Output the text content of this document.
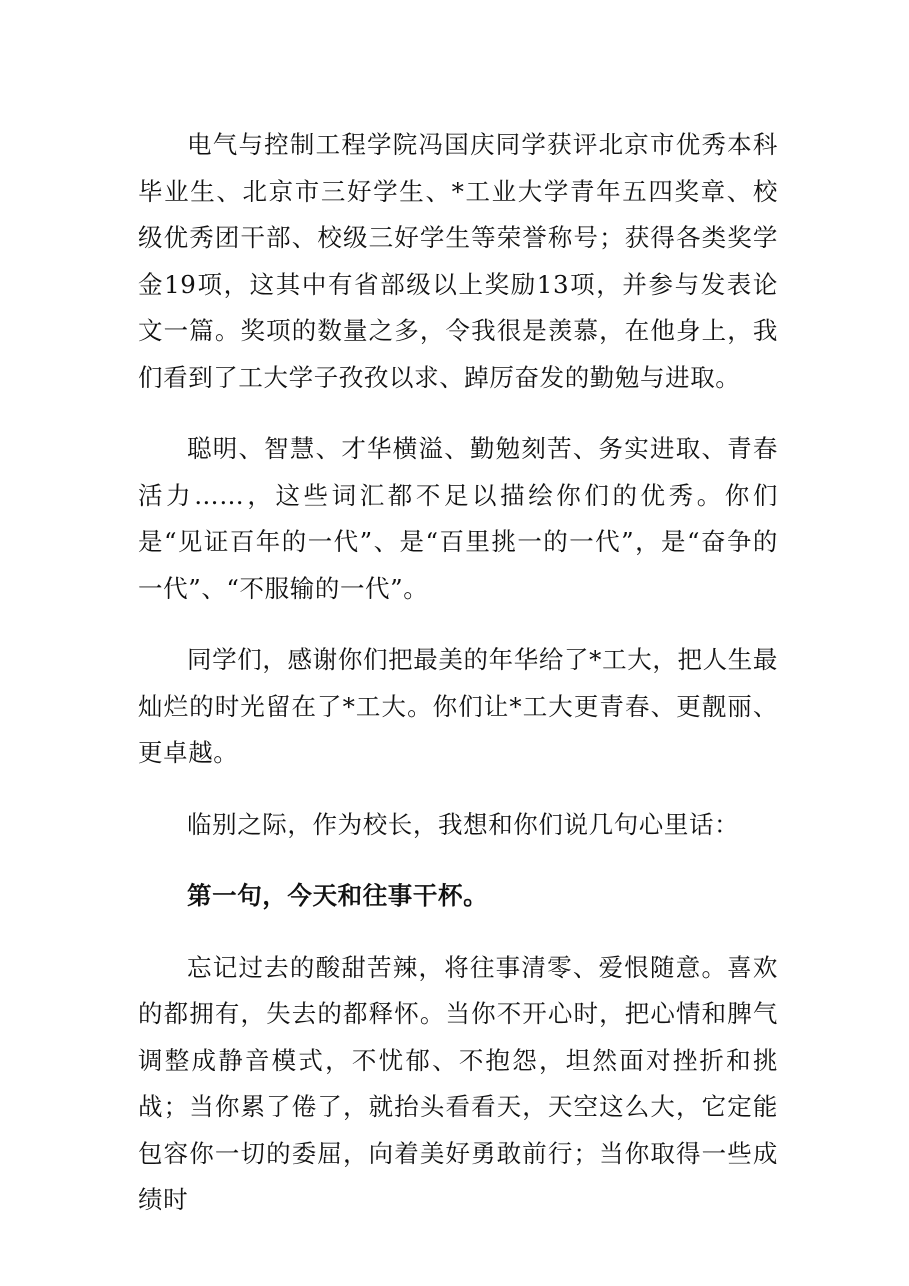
电气与控制工程学院冯国庆同学获评北京市优秀本科毕业生、北京市三好学生、*工业大学青年五四奖章、校级优秀团干部、校级三好学生等荣誉称号；获得各类奖学金19项，这其中有省部级以上奖励13项，并参与发表论文一篇。奖项的数量之多，令我很是羡慕，在他身上，我们看到了工大学子孜孜以求、踔厉奋发的勤勉与进取。

聪明、智慧、才华横溢、勤勉刻苦、务实进取、青春活力……，这些词汇都不足以描绘你们的优秀。你们是“见证百年的一代”、是“百里挑一的一代”，是“奋争的一代”、“不服输的一代”。

同学们，感谢你们把最美的年华给了*工大，把人生最灿烂的时光留在了*工大。你们让*工大更青春、更靓丽、更卓越。

临别之际，作为校长，我想和你们说几句心里话：

第一句，今天和往事干杯。

忘记过去的酸甜苦辣，将往事清零、爱恨随意。喜欢的都拥有，失去的都释怀。当你不开心时，把心情和脾气调整成静音模式，不忧郁、不抱怨，坦然面对挫折和挑战；当你累了倦了，就抬头看看天，天空这么大，它定能包容你一切的委屈，向着美好勇敢前行；当你取得一些成绩时
